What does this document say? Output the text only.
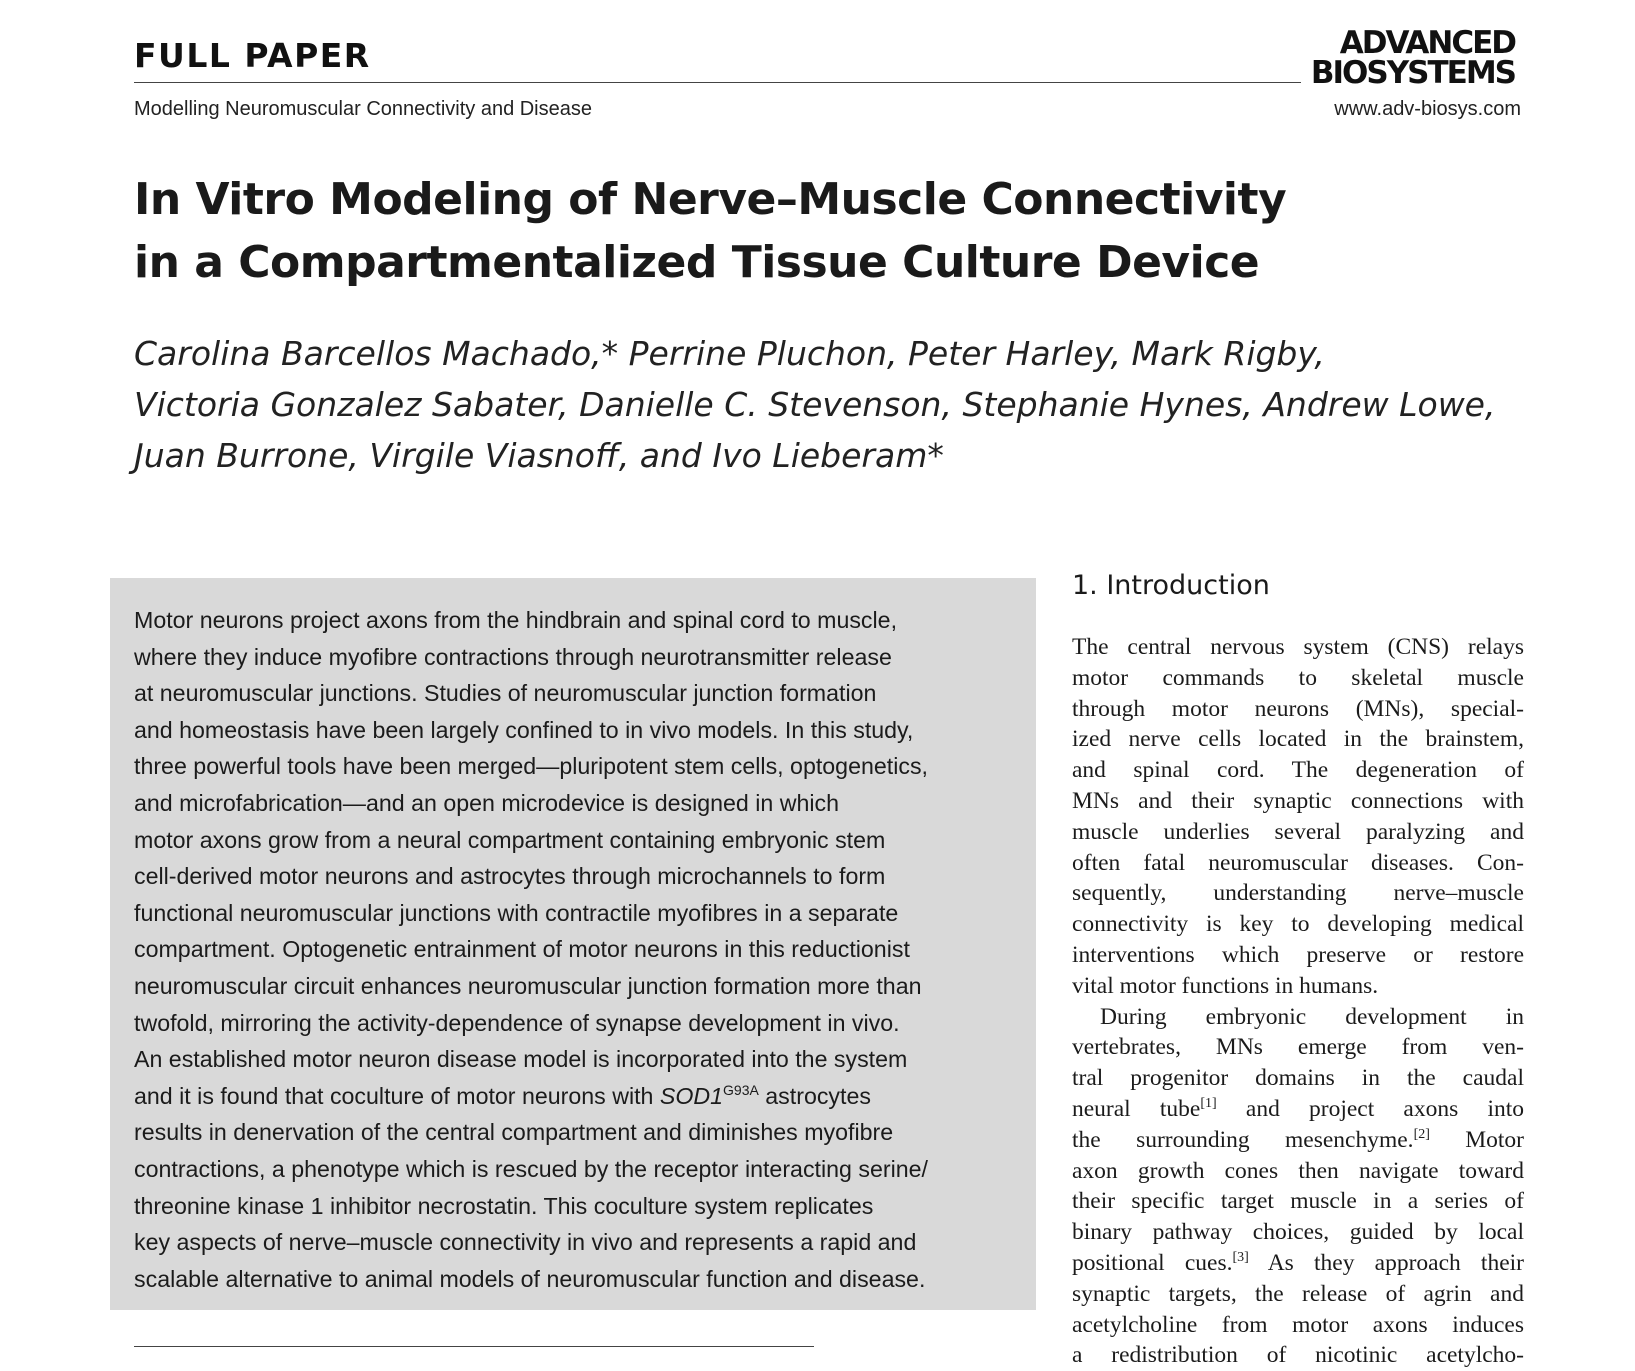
FULL PAPER	ADVANCED
BIOSYSTEMS
Modelling Neuromuscular Connectivity and Disease	www.adv-biosys.com
In Vitro Modeling of Nerve–Muscle Connectivity
in a Compartmentalized Tissue Culture Device

Carolina Barcellos Machado,* Perrine Pluchon, Peter Harley, Mark Rigby,
Victoria Gonzalez Sabater, Danielle C. Stevenson, Stephanie Hynes, Andrew Lowe,
Juan Burrone, Virgile Viasnoff, and Ivo Lieberam*

Motor neurons project axons from the hindbrain and spinal cord to muscle,
where they induce myofibre contractions through neurotransmitter release
at neuromuscular junctions. Studies of neuromuscular junction formation
and homeostasis have been largely confined to in vivo models. In this study,
three powerful tools have been merged—pluripotent stem cells, optogenetics,
and microfabrication—and an open microdevice is designed in which
motor axons grow from a neural compartment containing embryonic stem
cell-derived motor neurons and astrocytes through microchannels to form
functional neuromuscular junctions with contractile myofibres in a separate
compartment. Optogenetic entrainment of motor neurons in this reductionist
neuromuscular circuit enhances neuromuscular junction formation more than
twofold, mirroring the activity-dependence of synapse development in vivo.
An established motor neuron disease model is incorporated into the system
and it is found that coculture of motor neurons with $SOD1^{G93A}$ astrocytes
results in denervation of the central compartment and diminishes myofibre
contractions, a phenotype which is rescued by the receptor interacting serine/
threonine kinase 1 inhibitor necrostatin. This coculture system replicates
key aspects of nerve–muscle connectivity in vivo and represents a rapid and
scalable alternative to animal models of neuromuscular function and disease.

1. Introduction

The central nervous system (CNS) relays
motor commands to skeletal muscle
through motor neurons (MNs), special-
ized nerve cells located in the brainstem,
and spinal cord. The degeneration of
MNs and their synaptic connections with
muscle underlies several paralyzing and
often fatal neuromuscular diseases. Con-
sequently, understanding nerve–muscle
connectivity is key to developing medical
interventions which preserve or restore
vital motor functions in humans.
During embryonic development in
vertebrates, MNs emerge from ven-
tral progenitor domains in the caudal
neural tube[1] and project axons into
the surrounding mesenchyme.[2] Motor
axon growth cones then navigate toward
their specific target muscle in a series of
binary pathway choices, guided by local
positional cues.[3] As they approach their
synaptic targets, the release of agrin and
acetylcholine from motor axons induces
a redistribution of nicotinic acetylcho-
